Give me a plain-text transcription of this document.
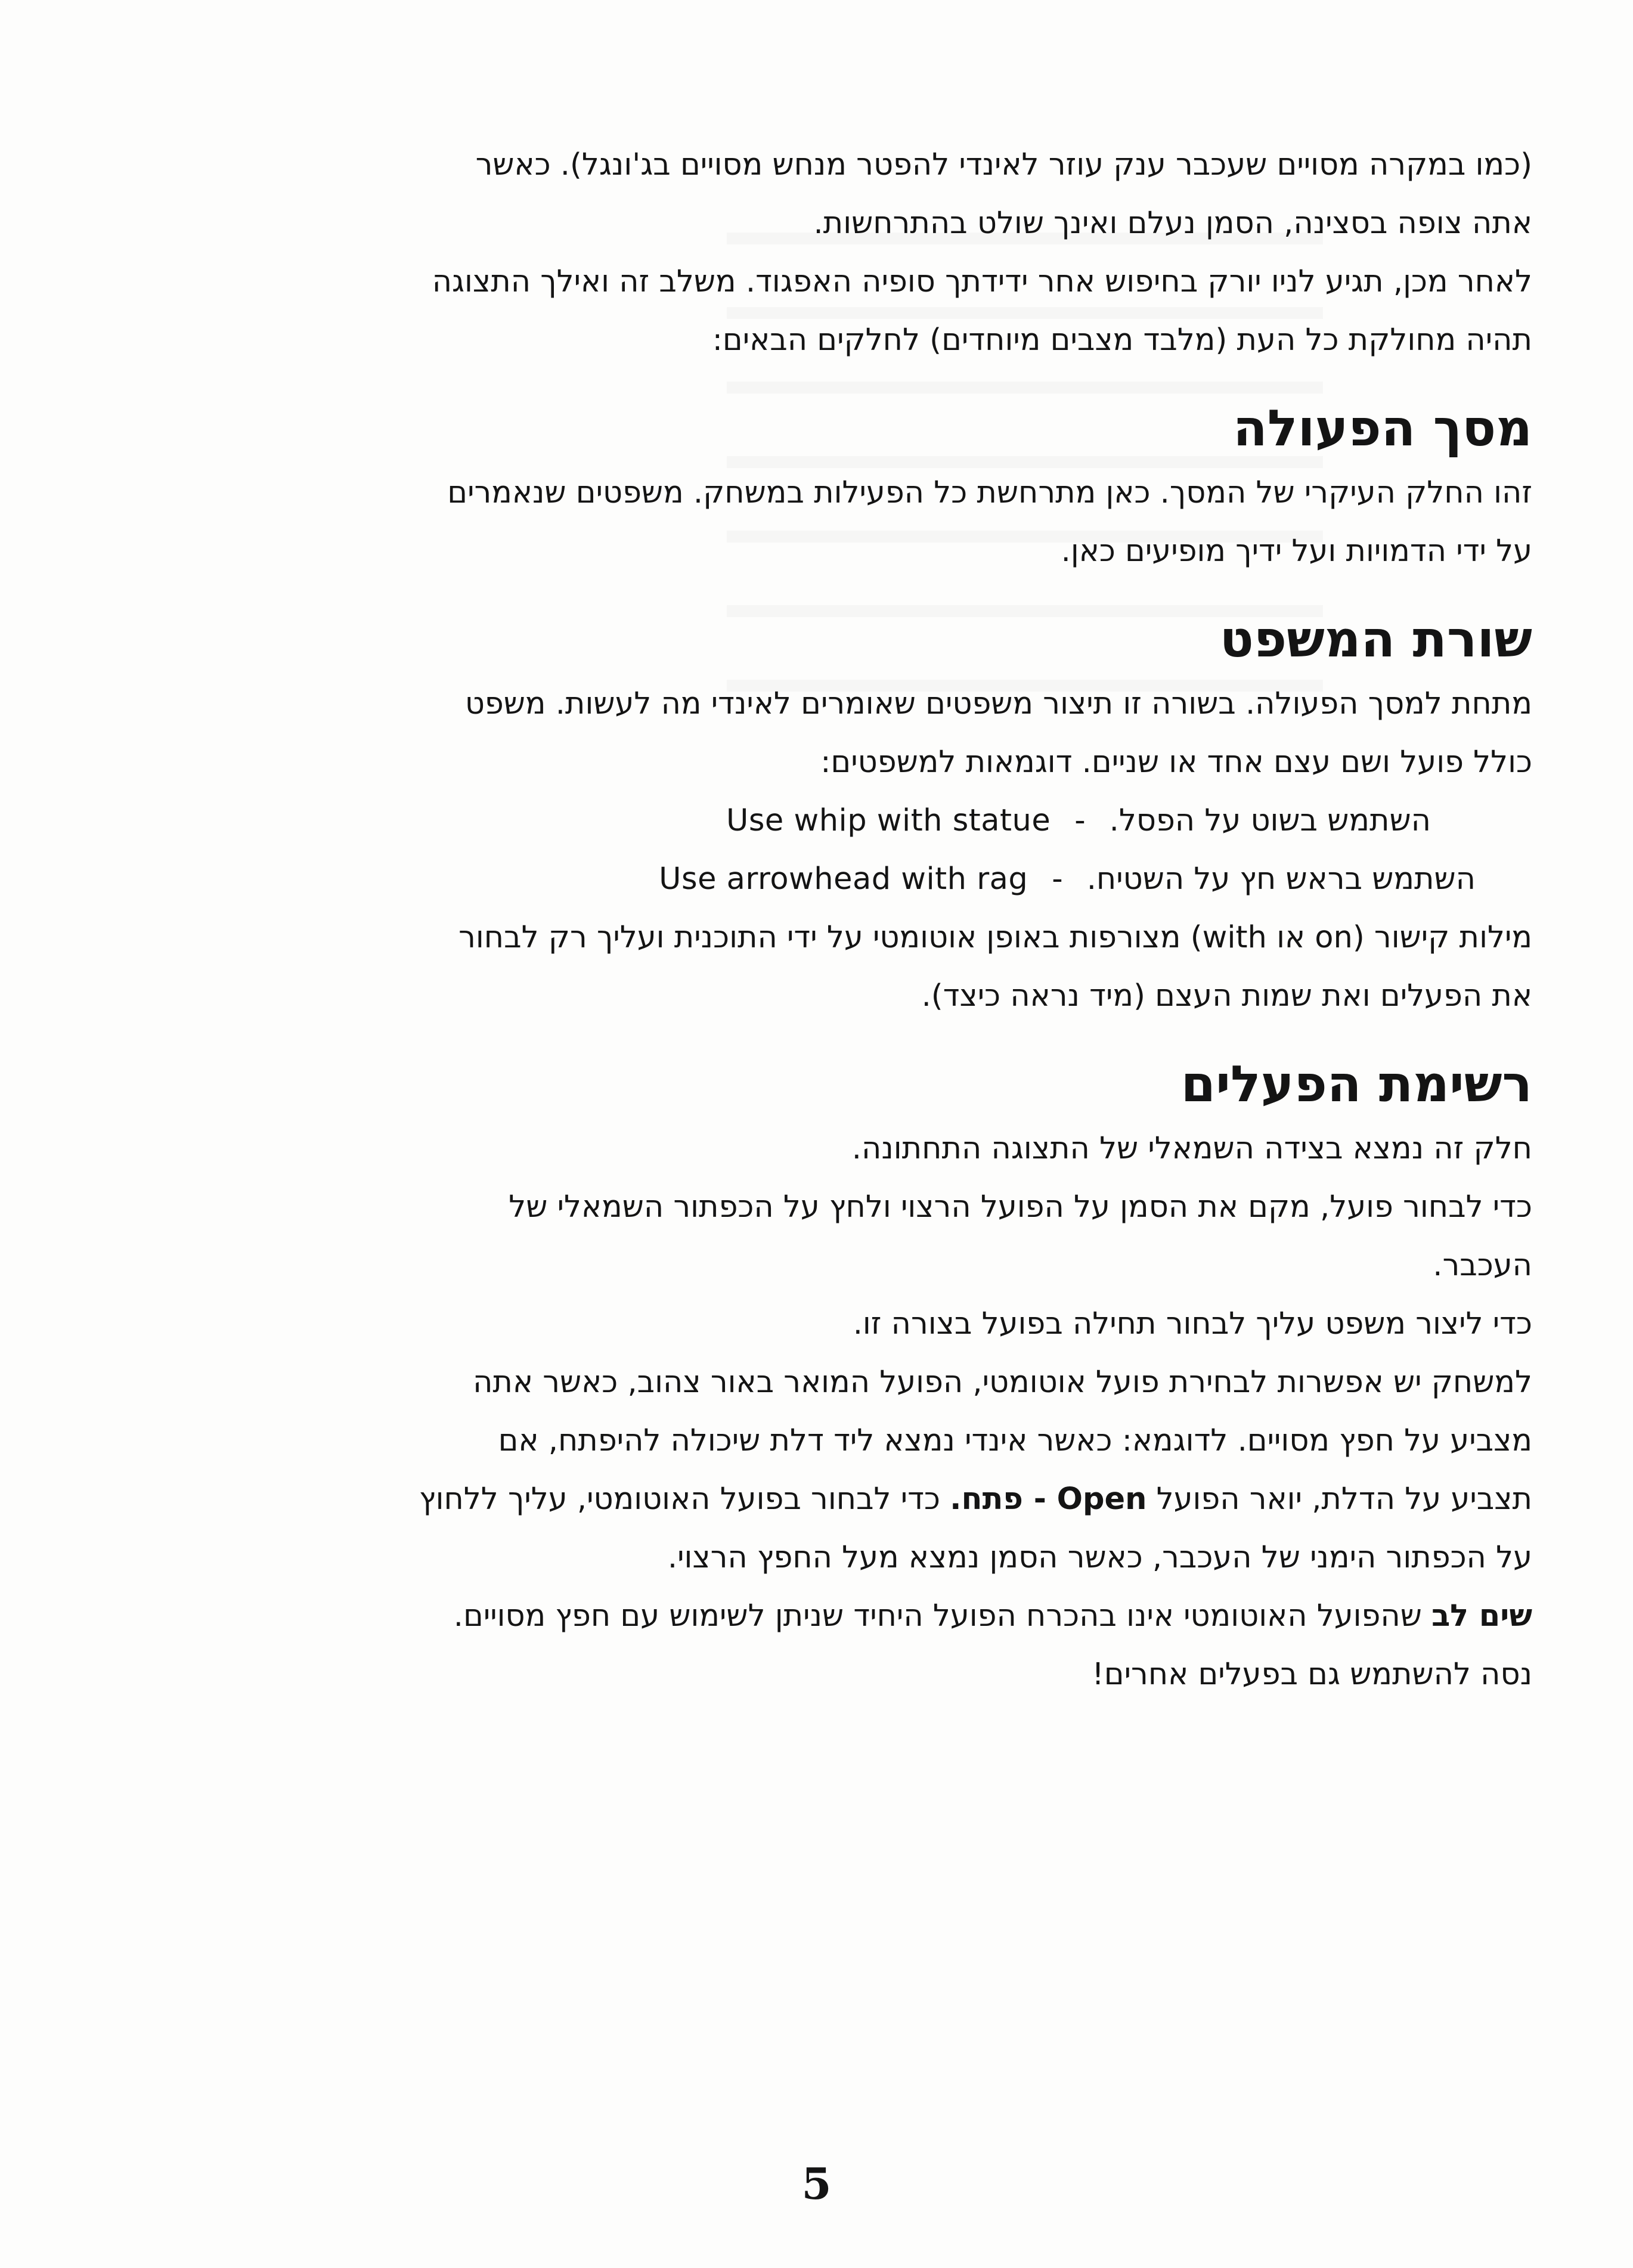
(כמו במקרה מסויים שעכבר ענק עוזר לאינדי להפטר מנחש מסויים בג'ונגל). כאשר
אתה צופה בסצינה, הסמן נעלם ואינך שולט בהתרחשות.
לאחר מכן, תגיע לניו יורק בחיפוש אחר ידידתך סופיה האפגוד. משלב זה ואילך התצוגה
תהיה מחולקת כל העת (מלבד מצבים מיוחדים) לחלקים הבאים:
מסך הפעולה
זהו החלק העיקרי של המסך. כאן מתרחשת כל הפעילות במשחק. משפטים שנאמרים
על ידי הדמויות ועל ידיך מופיעים כאן.
שורת המשפט
מתחת למסך הפעולה. בשורה זו תיצור משפטים שאומרים לאינדי מה לעשות. משפט
כולל פועל ושם עצם אחד או שניים. דוגמאות למשפטים:
Use whip with statue - השתמש בשוט על הפסל.
Use arrowhead with rag - השתמש בראש חץ על השטיח.
מילות קישור (on או with) מצורפות באופן אוטומטי על ידי התוכנית ועליך רק לבחור
את הפעלים ואת שמות העצם (מיד נראה כיצד).
רשימת הפעלים
חלק זה נמצא בצידה השמאלי של התצוגה התחתונה.
כדי לבחור פועל, מקם את הסמן על הפועל הרצוי ולחץ על הכפתור השמאלי של
העכבר.
כדי ליצור משפט עליך לבחור תחילה בפועל בצורה זו.
למשחק יש אפשרות לבחירת פועל אוטומטי, הפועל המואר באור צהוב, כאשר אתה
מצביע על חפץ מסויים. לדוגמא: כאשר אינדי נמצא ליד דלת שיכולה להיפתח, אם
תצביע על הדלת, יואר הפועל Open - פתח. כדי לבחור בפועל האוטומטי, עליך ללחוץ
על הכפתור הימני של העכבר, כאשר הסמן נמצא מעל החפץ הרצוי.
שים לב שהפועל האוטומטי אינו בהכרח הפועל היחיד שניתן לשימוש עם חפץ מסויים.
נסה להשתמש גם בפעלים אחרים!
5
